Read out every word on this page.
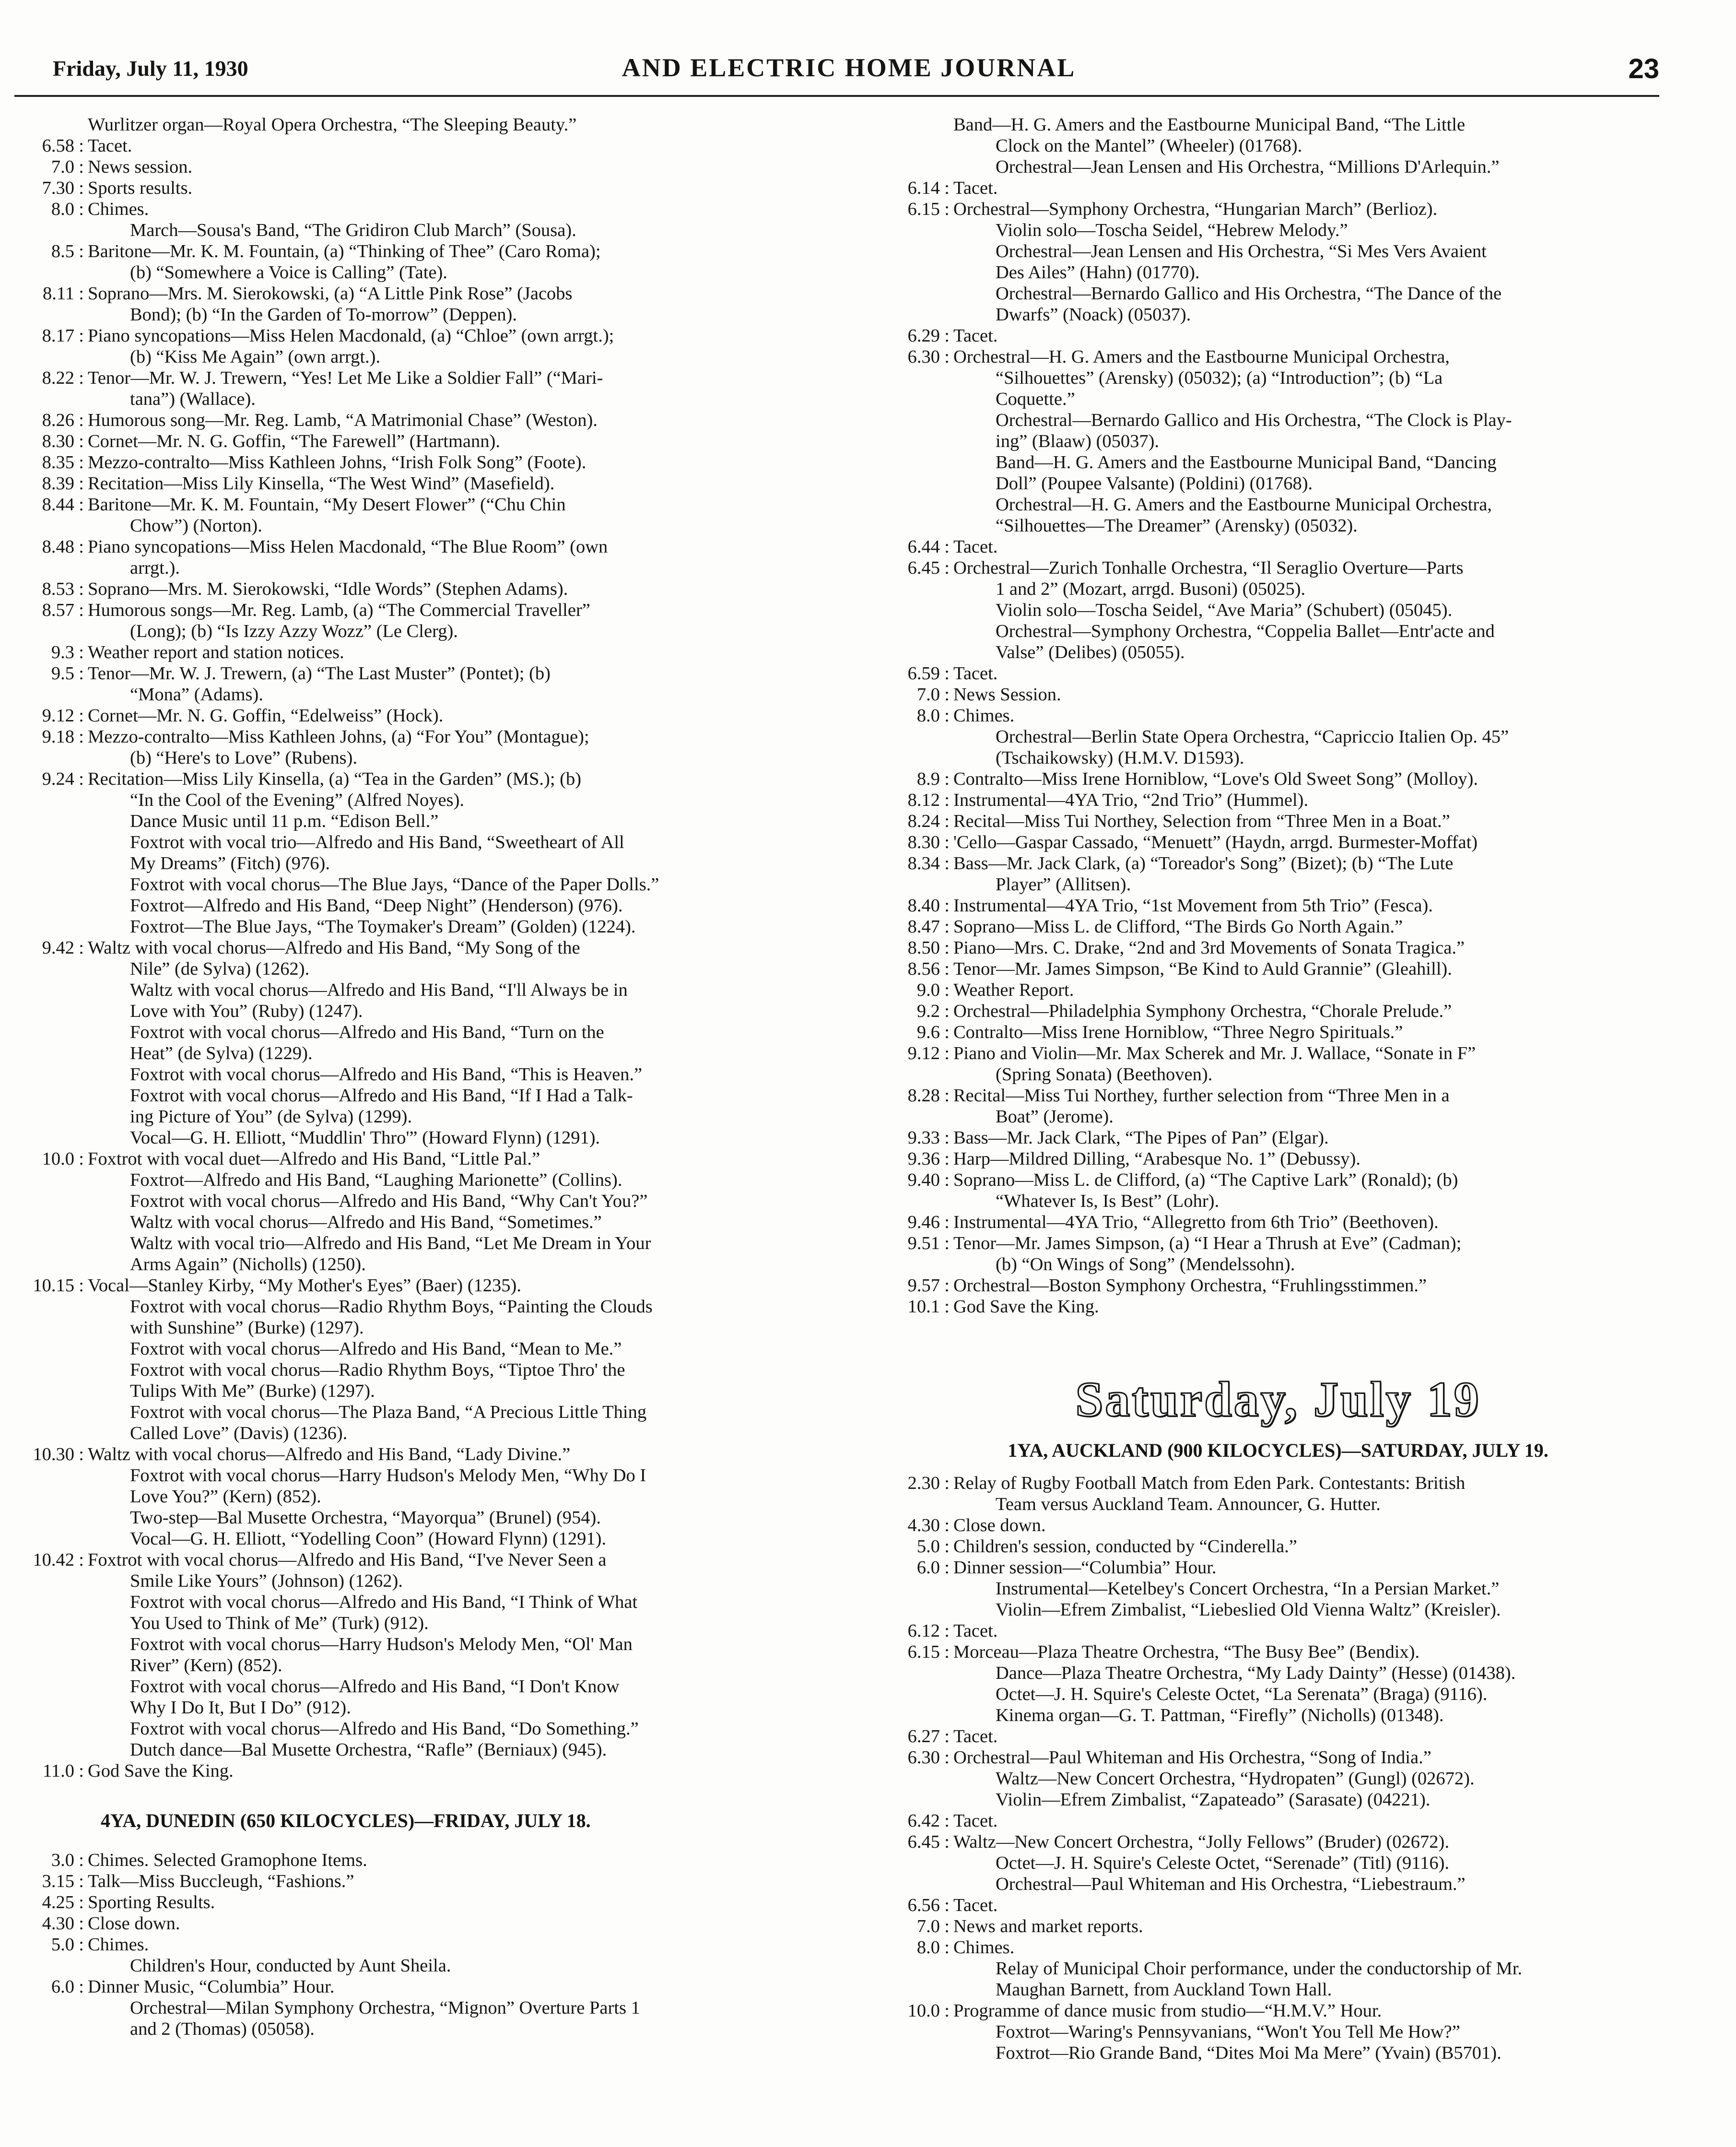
Friday, July 11, 1930	AND ELECTRIC HOME JOURNAL	23
Wurlitzer organ—Royal Opera Orchestra, “The Sleeping Beauty.”
6.58 : Tacet.
7.0 : News session.
7.30 : Sports results.
8.0 : Chimes.
March—Sousa's Band, “The Gridiron Club March” (Sousa).
8.5 : Baritone—Mr. K. M. Fountain, (a) “Thinking of Thee” (Caro Roma);
(b) “Somewhere a Voice is Calling” (Tate).
8.11 : Soprano—Mrs. M. Sierokowski, (a) “A Little Pink Rose” (Jacobs
Bond); (b) “In the Garden of To-morrow” (Deppen).
8.17 : Piano syncopations—Miss Helen Macdonald, (a) “Chloe” (own arrgt.);
(b) “Kiss Me Again” (own arrgt.).
8.22 : Tenor—Mr. W. J. Trewern, “Yes! Let Me Like a Soldier Fall” (“Mari-
tana”) (Wallace).
8.26 : Humorous song—Mr. Reg. Lamb, “A Matrimonial Chase” (Weston).
8.30 : Cornet—Mr. N. G. Goffin, “The Farewell” (Hartmann).
8.35 : Mezzo-contralto—Miss Kathleen Johns, “Irish Folk Song” (Foote).
8.39 : Recitation—Miss Lily Kinsella, “The West Wind” (Masefield).
8.44 : Baritone—Mr. K. M. Fountain, “My Desert Flower” (“Chu Chin
Chow”) (Norton).
8.48 : Piano syncopations—Miss Helen Macdonald, “The Blue Room” (own
arrgt.).
8.53 : Soprano—Mrs. M. Sierokowski, “Idle Words” (Stephen Adams).
8.57 : Humorous songs—Mr. Reg. Lamb, (a) “The Commercial Traveller”
(Long); (b) “Is Izzy Azzy Wozz” (Le Clerg).
9.3 : Weather report and station notices.
9.5 : Tenor—Mr. W. J. Trewern, (a) “The Last Muster” (Pontet); (b)
“Mona” (Adams).
9.12 : Cornet—Mr. N. G. Goffin, “Edelweiss” (Hock).
9.18 : Mezzo-contralto—Miss Kathleen Johns, (a) “For You” (Montague);
(b) “Here's to Love” (Rubens).
9.24 : Recitation—Miss Lily Kinsella, (a) “Tea in the Garden” (MS.); (b)
“In the Cool of the Evening” (Alfred Noyes).
Dance Music until 11 p.m. “Edison Bell.”
Foxtrot with vocal trio—Alfredo and His Band, “Sweetheart of All
My Dreams” (Fitch) (976).
Foxtrot with vocal chorus—The Blue Jays, “Dance of the Paper Dolls.”
Foxtrot—Alfredo and His Band, “Deep Night” (Henderson) (976).
Foxtrot—The Blue Jays, “The Toymaker's Dream” (Golden) (1224).
9.42 : Waltz with vocal chorus—Alfredo and His Band, “My Song of the
Nile” (de Sylva) (1262).
Waltz with vocal chorus—Alfredo and His Band, “I'll Always be in
Love with You” (Ruby) (1247).
Foxtrot with vocal chorus—Alfredo and His Band, “Turn on the
Heat” (de Sylva) (1229).
Foxtrot with vocal chorus—Alfredo and His Band, “This is Heaven.”
Foxtrot with vocal chorus—Alfredo and His Band, “If I Had a Talk-
ing Picture of You” (de Sylva) (1299).
Vocal—G. H. Elliott, “Muddlin' Thro'” (Howard Flynn) (1291).
10.0 : Foxtrot with vocal duet—Alfredo and His Band, “Little Pal.”
Foxtrot—Alfredo and His Band, “Laughing Marionette” (Collins).
Foxtrot with vocal chorus—Alfredo and His Band, “Why Can't You?”
Waltz with vocal chorus—Alfredo and His Band, “Sometimes.”
Waltz with vocal trio—Alfredo and His Band, “Let Me Dream in Your
Arms Again” (Nicholls) (1250).
10.15 : Vocal—Stanley Kirby, “My Mother's Eyes” (Baer) (1235).
Foxtrot with vocal chorus—Radio Rhythm Boys, “Painting the Clouds
with Sunshine” (Burke) (1297).
Foxtrot with vocal chorus—Alfredo and His Band, “Mean to Me.”
Foxtrot with vocal chorus—Radio Rhythm Boys, “Tiptoe Thro' the
Tulips With Me” (Burke) (1297).
Foxtrot with vocal chorus—The Plaza Band, “A Precious Little Thing
Called Love” (Davis) (1236).
10.30 : Waltz with vocal chorus—Alfredo and His Band, “Lady Divine.”
Foxtrot with vocal chorus—Harry Hudson's Melody Men, “Why Do I
Love You?” (Kern) (852).
Two-step—Bal Musette Orchestra, “Mayorqua” (Brunel) (954).
Vocal—G. H. Elliott, “Yodelling Coon” (Howard Flynn) (1291).
10.42 : Foxtrot with vocal chorus—Alfredo and His Band, “I've Never Seen a
Smile Like Yours” (Johnson) (1262).
Foxtrot with vocal chorus—Alfredo and His Band, “I Think of What
You Used to Think of Me” (Turk) (912).
Foxtrot with vocal chorus—Harry Hudson's Melody Men, “Ol' Man
River” (Kern) (852).
Foxtrot with vocal chorus—Alfredo and His Band, “I Don't Know
Why I Do It, But I Do” (912).
Foxtrot with vocal chorus—Alfredo and His Band, “Do Something.”
Dutch dance—Bal Musette Orchestra, “Rafle” (Berniaux) (945).
11.0 : God Save the King.
4YA, DUNEDIN (650 KILOCYCLES)—FRIDAY, JULY 18.
3.0 : Chimes. Selected Gramophone Items.
3.15 : Talk—Miss Buccleugh, “Fashions.”
4.25 : Sporting Results.
4.30 : Close down.
5.0 : Chimes.
Children's Hour, conducted by Aunt Sheila.
6.0 : Dinner Music, “Columbia” Hour.
Orchestral—Milan Symphony Orchestra, “Mignon” Overture Parts 1
and 2 (Thomas) (05058).
Band—H. G. Amers and the Eastbourne Municipal Band, “The Little
Clock on the Mantel” (Wheeler) (01768).
Orchestral—Jean Lensen and His Orchestra, “Millions D'Arlequin.”
6.14 : Tacet.
6.15 : Orchestral—Symphony Orchestra, “Hungarian March” (Berlioz).
Violin solo—Toscha Seidel, “Hebrew Melody.”
Orchestral—Jean Lensen and His Orchestra, “Si Mes Vers Avaient
Des Ailes” (Hahn) (01770).
Orchestral—Bernardo Gallico and His Orchestra, “The Dance of the
Dwarfs” (Noack) (05037).
6.29 : Tacet.
6.30 : Orchestral—H. G. Amers and the Eastbourne Municipal Orchestra,
“Silhouettes” (Arensky) (05032); (a) “Introduction”; (b) “La
Coquette.”
Orchestral—Bernardo Gallico and His Orchestra, “The Clock is Play-
ing” (Blaaw) (05037).
Band—H. G. Amers and the Eastbourne Municipal Band, “Dancing
Doll” (Poupee Valsante) (Poldini) (01768).
Orchestral—H. G. Amers and the Eastbourne Municipal Orchestra,
“Silhouettes—The Dreamer” (Arensky) (05032).
6.44 : Tacet.
6.45 : Orchestral—Zurich Tonhalle Orchestra, “Il Seraglio Overture—Parts
1 and 2” (Mozart, arrgd. Busoni) (05025).
Violin solo—Toscha Seidel, “Ave Maria” (Schubert) (05045).
Orchestral—Symphony Orchestra, “Coppelia Ballet—Entr'acte and
Valse” (Delibes) (05055).
6.59 : Tacet.
7.0 : News Session.
8.0 : Chimes.
Orchestral—Berlin State Opera Orchestra, “Capriccio Italien Op. 45”
(Tschaikowsky) (H.M.V. D1593).
8.9 : Contralto—Miss Irene Horniblow, “Love's Old Sweet Song” (Molloy).
8.12 : Instrumental—4YA Trio, “2nd Trio” (Hummel).
8.24 : Recital—Miss Tui Northey, Selection from “Three Men in a Boat.”
8.30 : 'Cello—Gaspar Cassado, “Menuett” (Haydn, arrgd. Burmester-Moffat)
8.34 : Bass—Mr. Jack Clark, (a) “Toreador's Song” (Bizet); (b) “The Lute
Player” (Allitsen).
8.40 : Instrumental—4YA Trio, “1st Movement from 5th Trio” (Fesca).
8.47 : Soprano—Miss L. de Clifford, “The Birds Go North Again.”
8.50 : Piano—Mrs. C. Drake, “2nd and 3rd Movements of Sonata Tragica.”
8.56 : Tenor—Mr. James Simpson, “Be Kind to Auld Grannie” (Gleahill).
9.0 : Weather Report.
9.2 : Orchestral—Philadelphia Symphony Orchestra, “Chorale Prelude.”
9.6 : Contralto—Miss Irene Horniblow, “Three Negro Spirituals.”
9.12 : Piano and Violin—Mr. Max Scherek and Mr. J. Wallace, “Sonate in F”
(Spring Sonata) (Beethoven).
8.28 : Recital—Miss Tui Northey, further selection from “Three Men in a
Boat” (Jerome).
9.33 : Bass—Mr. Jack Clark, “The Pipes of Pan” (Elgar).
9.36 : Harp—Mildred Dilling, “Arabesque No. 1” (Debussy).
9.40 : Soprano—Miss L. de Clifford, (a) “The Captive Lark” (Ronald); (b)
“Whatever Is, Is Best” (Lohr).
9.46 : Instrumental—4YA Trio, “Allegretto from 6th Trio” (Beethoven).
9.51 : Tenor—Mr. James Simpson, (a) “I Hear a Thrush at Eve” (Cadman);
(b) “On Wings of Song” (Mendelssohn).
9.57 : Orchestral—Boston Symphony Orchestra, “Fruhlingsstimmen.”
10.1 : God Save the King.
Saturday, July 19
1YA, AUCKLAND (900 KILOCYCLES)—SATURDAY, JULY 19.
2.30 : Relay of Rugby Football Match from Eden Park. Contestants: British
Team versus Auckland Team. Announcer, G. Hutter.
4.30 : Close down.
5.0 : Children's session, conducted by “Cinderella.”
6.0 : Dinner session—“Columbia” Hour.
Instrumental—Ketelbey's Concert Orchestra, “In a Persian Market.”
Violin—Efrem Zimbalist, “Liebeslied Old Vienna Waltz” (Kreisler).
6.12 : Tacet.
6.15 : Morceau—Plaza Theatre Orchestra, “The Busy Bee” (Bendix).
Dance—Plaza Theatre Orchestra, “My Lady Dainty” (Hesse) (01438).
Octet—J. H. Squire's Celeste Octet, “La Serenata” (Braga) (9116).
Kinema organ—G. T. Pattman, “Firefly” (Nicholls) (01348).
6.27 : Tacet.
6.30 : Orchestral—Paul Whiteman and His Orchestra, “Song of India.”
Waltz—New Concert Orchestra, “Hydropaten” (Gungl) (02672).
Violin—Efrem Zimbalist, “Zapateado” (Sarasate) (04221).
6.42 : Tacet.
6.45 : Waltz—New Concert Orchestra, “Jolly Fellows” (Bruder) (02672).
Octet—J. H. Squire's Celeste Octet, “Serenade” (Titl) (9116).
Orchestral—Paul Whiteman and His Orchestra, “Liebestraum.”
6.56 : Tacet.
7.0 : News and market reports.
8.0 : Chimes.
Relay of Municipal Choir performance, under the conductorship of Mr.
Maughan Barnett, from Auckland Town Hall.
10.0 : Programme of dance music from studio—“H.M.V.” Hour.
Foxtrot—Waring's Pennsyvanians, “Won't You Tell Me How?”
Foxtrot—Rio Grande Band, “Dites Moi Ma Mere” (Yvain) (B5701).
